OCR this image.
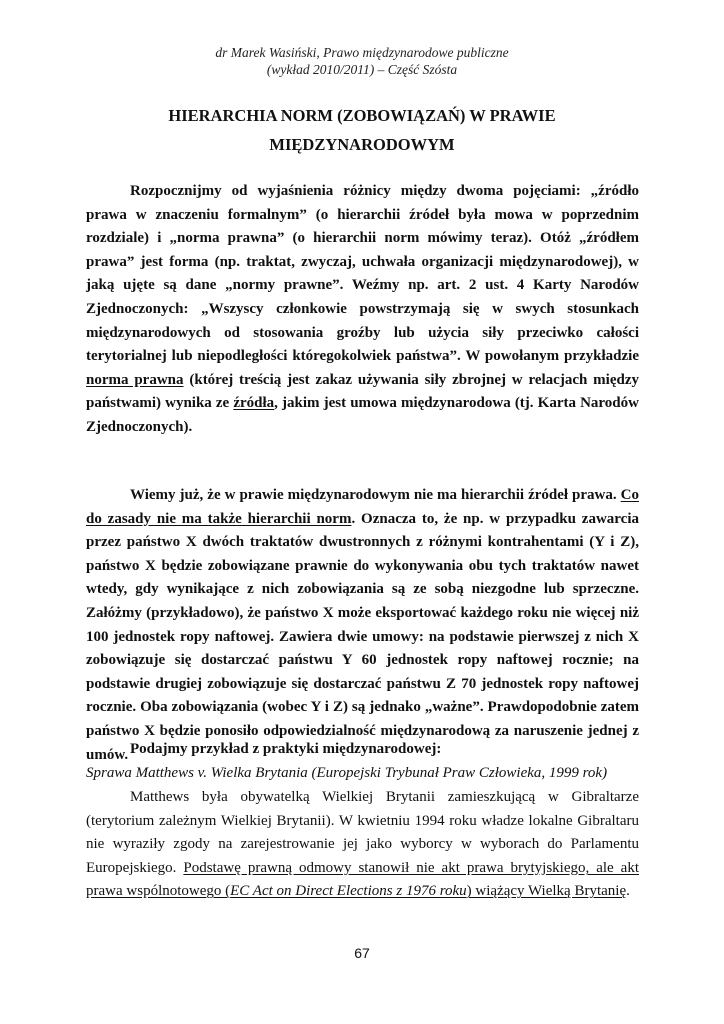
dr Marek Wasiński, Prawo międzynarodowe publiczne
(wykład 2010/2011) – Część Szósta
HIERARCHIA NORM (ZOBOWIĄZAŃ) W PRAWIE
MIĘDZYNARODOWYM
Rozpocznijmy od wyjaśnienia różnicy między dwoma pojęciami: „źródło prawa w znaczeniu formalnym” (o hierarchii źródeł była mowa w poprzednim rozdziale) i „norma prawna” (o hierarchii norm mówimy teraz). Otóż „źródłem prawa” jest forma (np. traktat, zwyczaj, uchwała organizacji międzynarodowej), w jaką ujęte są dane „normy prawne”. Weźmy np. art. 2 ust. 4 Karty Narodów Zjednoczonych: „Wszyscy członkowie powstrzymają się w swych stosunkach międzynarodowych od stosowania groźby lub użycia siły przeciwko całości terytorialnej lub niepodległości któregokolwiek państwa”. W powołanym przykładzie norma prawna (której treścią jest zakaz używania siły zbrojnej w relacjach między państwami) wynika ze źródła, jakim jest umowa międzynarodowa (tj. Karta Narodów Zjednoczonych).
Wiemy już, że w prawie międzynarodowym nie ma hierarchii źródeł prawa. Co do zasady nie ma także hierarchii norm. Oznacza to, że np. w przypadku zawarcia przez państwo X dwóch traktatów dwustronnych z różnymi kontrahentami (Y i Z), państwo X będzie zobowiązane prawnie do wykonywania obu tych traktatów nawet wtedy, gdy wynikające z nich zobowiązania są ze sobą niezgodne lub sprzeczne. Załóżmy (przykładowo), że państwo X może eksportować każdego roku nie więcej niż 100 jednostek ropy naftowej. Zawiera dwie umowy: na podstawie pierwszej z nich X zobowiązuje się dostarczać państwu Y 60 jednostek ropy naftowej rocznie; na podstawie drugiej zobowiązuje się dostarczać państwu Z 70 jednostek ropy naftowej rocznie. Oba zobowiązania (wobec Y i Z) są jednako „ważne”. Prawdopodobnie zatem państwo X będzie ponosiło odpowiedzialność międzynarodową za naruszenie jednej z umów. Podajmy przykład z praktyki międzynarodowej:
Sprawa Matthews v. Wielka Brytania (Europejski Trybunał Praw Człowieka, 1999 rok)
Matthews była obywatelką Wielkiej Brytanii zamieszkującą w Gibraltarze (terytorium zależnym Wielkiej Brytanii). W kwietniu 1994 roku władze lokalne Gibraltaru nie wyraziły zgody na zarejestrowanie jej jako wyborcy w wyborach do Parlamentu Europejskiego. Podstawę prawną odmowy stanowił nie akt prawa brytyjskiego, ale akt prawa wspólnotowego (EC Act on Direct Elections z 1976 roku) wiążący Wielką Brytanię.
67
